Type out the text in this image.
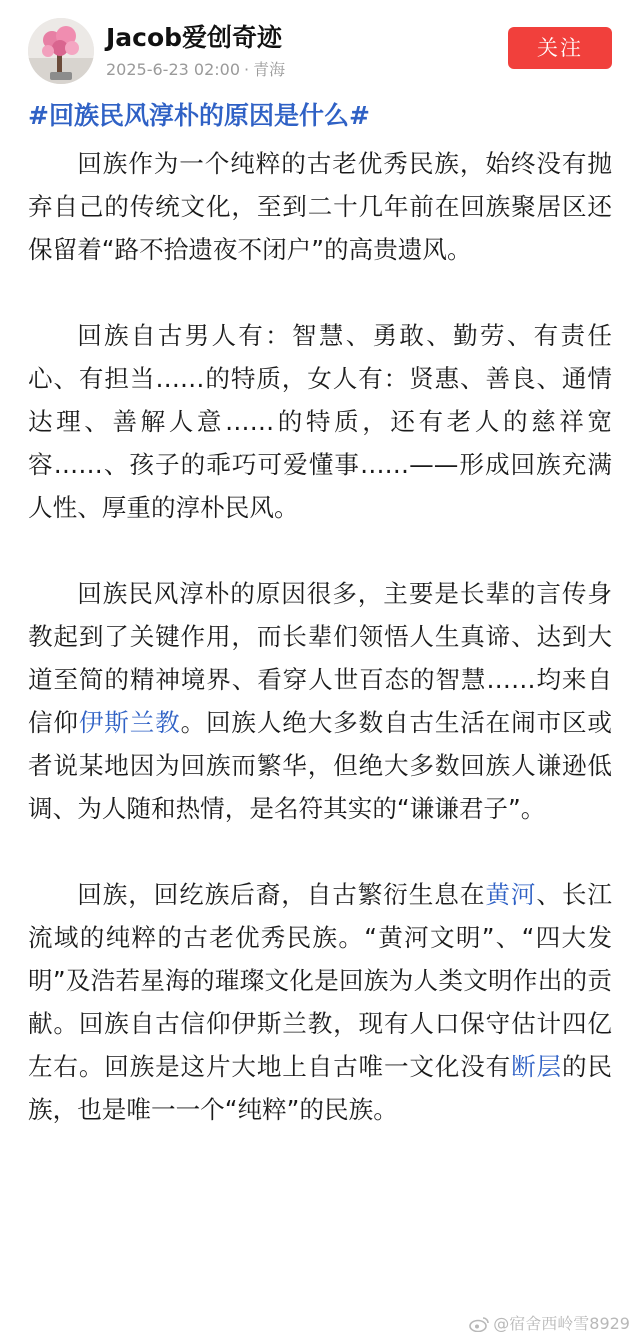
Jacob爱创奇迹
2025-6-23 02:00 · 青海
关注
#回族民风淳朴的原因是什么#

回族作为一个纯粹的古老优秀民族，始终没有抛弃自己的传统文化，至到二十几年前在回族聚居区还保留着“路不拾遗夜不闭户”的高贵遗风。

回族自古男人有：智慧、勇敢、勤劳、有责任心、有担当……的特质，女人有：贤惠、善良、通情达理、善解人意……的特质，还有老人的慈祥宽容……、孩子的乖巧可爱懂事……——形成回族充满人性、厚重的淳朴民风。

回族民风淳朴的原因很多，主要是长辈的言传身教起到了关键作用，而长辈们领悟人生真谛、达到大道至简的精神境界、看穿人世百态的智慧……均来自信仰伊斯兰教。回族人绝大多数自古生活在闹市区或者说某地因为回族而繁华，但绝大多数回族人谦逊低调、为人随和热情，是名符其实的“谦谦君子”。

回族，回纥族后裔，自古繁衍生息在黄河、长江流域的纯粹的古老优秀民族。“黄河文明”、“四大发明”及浩若星海的璀璨文化是回族为人类文明作出的贡献。回族自古信仰伊斯兰教，现有人口保守估计四亿左右。回族是这片大地上自古唯一文化没有断层的民族，也是唯一一个“纯粹”的民族。

@宿舍西岭雪8929
